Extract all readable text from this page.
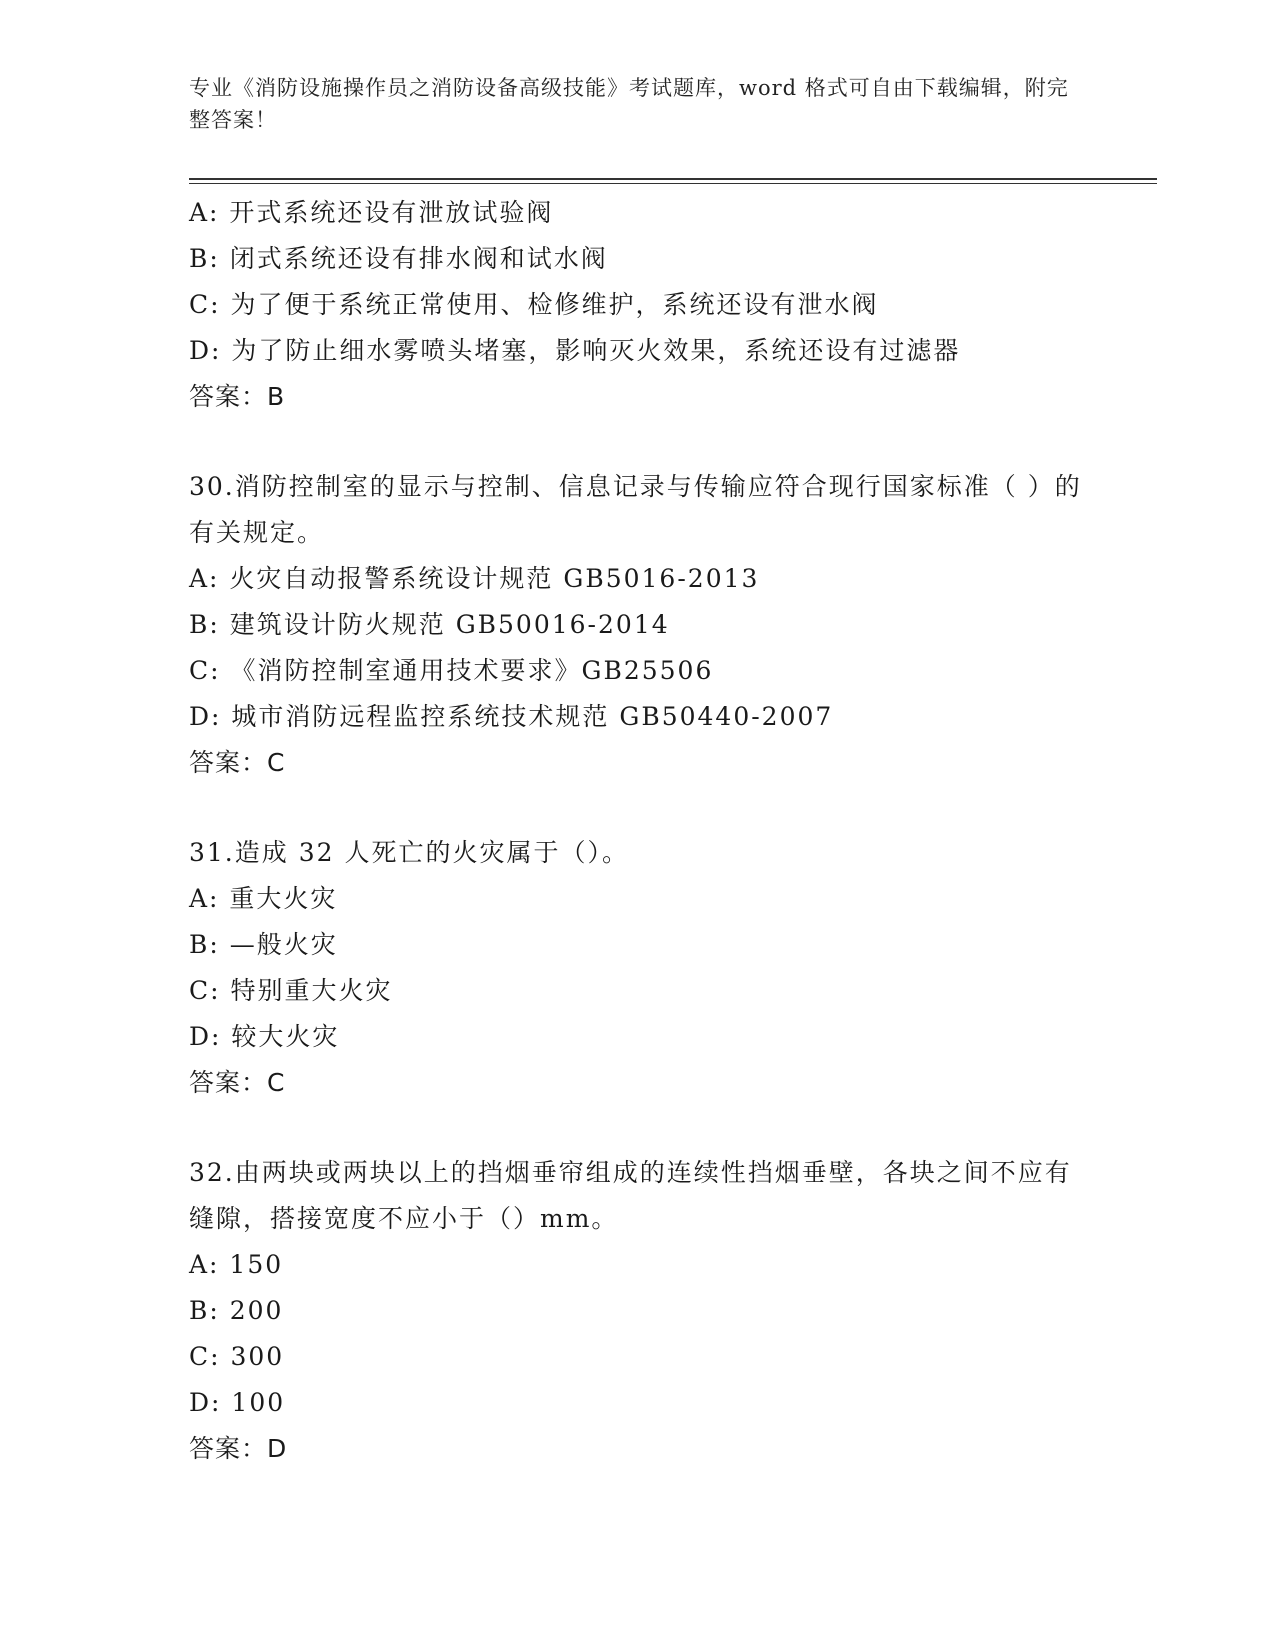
专业《消防设施操作员之消防设备高级技能》考试题库，word 格式可自由下载编辑，附完整答案！
A: 开式系统还设有泄放试验阀
B: 闭式系统还设有排水阀和试水阀
C: 为了便于系统正常使用、检修维护，系统还设有泄水阀
D: 为了防止细水雾喷头堵塞，影响灭火效果，系统还设有过滤器
答案：B
30.消防控制室的显示与控制、信息记录与传输应符合现行国家标准（ ）的有关规定。
A: 火灾自动报警系统设计规范 GB5016-2013
B: 建筑设计防火规范 GB50016-2014
C: 《消防控制室通用技术要求》GB25506
D: 城市消防远程监控系统技术规范 GB50440-2007
答案：C
31.造成 32 人死亡的火灾属于（）。
A: 重大火灾
B: —般火灾
C: 特别重大火灾
D: 较大火灾
答案：C
32.由两块或两块以上的挡烟垂帘组成的连续性挡烟垂壁，各块之间不应有缝隙，搭接宽度不应小于（）mm。
A: 150
B: 200
C: 300
D: 100
答案：D
